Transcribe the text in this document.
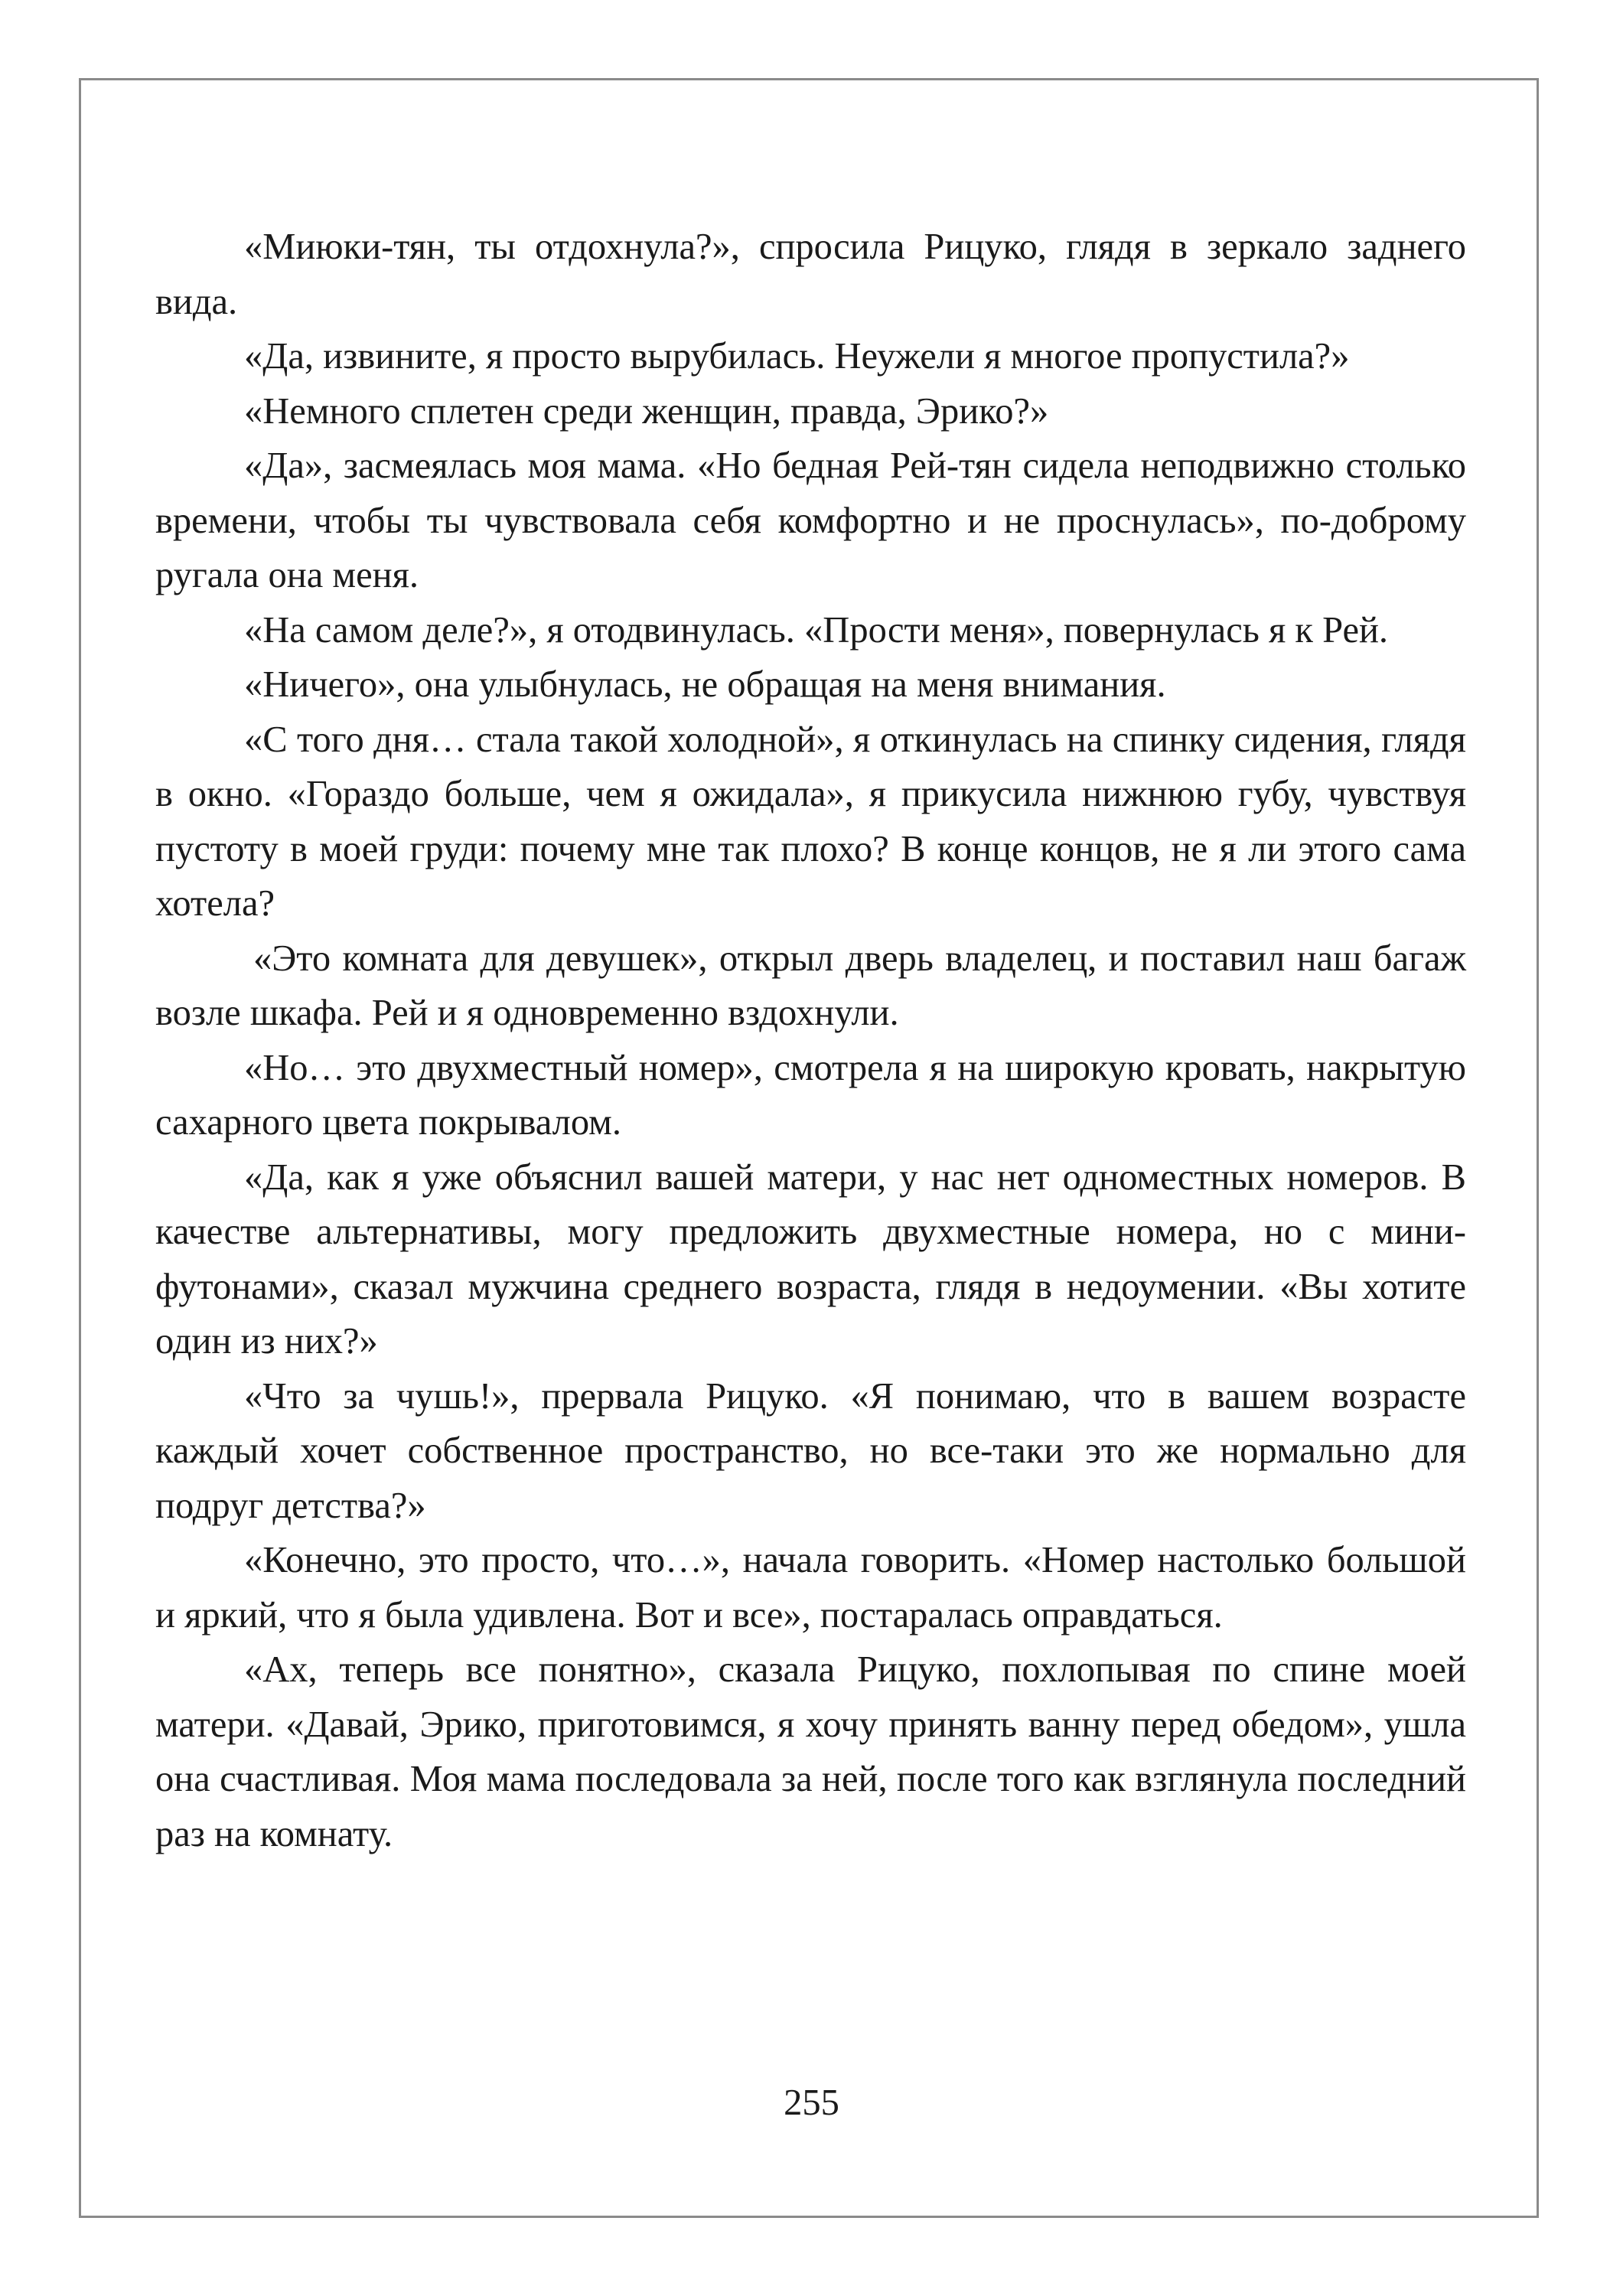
«Миюки-тян, ты отдохнула?», спросила Рицуко, глядя в зеркало заднего вида.

«Да, извините, я просто вырубилась. Неужели я многое пропустила?»

«Немного сплетен среди женщин, правда, Эрико?»

«Да», засмеялась моя мама. «Но бедная Рей-тян сидела неподвижно столько времени, чтобы ты чувствовала себя комфортно и не проснулась», по-доброму ругала она меня.

«На самом деле?», я отодвинулась. «Прости меня», повернулась я к Рей.

«Ничего», она улыбнулась, не обращая на меня внимания.

«С того дня… стала такой холодной», я откинулась на спинку сидения, глядя в окно. «Гораздо больше, чем я ожидала», я прикусила нижнюю губу, чувствуя пустоту в моей груди: почему мне так плохо? В конце концов, не я ли этого сама хотела?

«Это комната для девушек», открыл дверь владелец, и поставил наш багаж возле шкафа. Рей и я одновременно вздохнули.

«Но… это двухместный номер», смотрела я на широкую кровать, накрытую сахарного цвета покрывалом.

«Да, как я уже объяснил вашей матери, у нас нет одноместных номеров. В качестве альтернативы, могу предложить двухместные номера, но с мини-футонами», сказал мужчина среднего возраста, глядя в недоумении. «Вы хотите один из них?»

«Что за чушь!», прервала Рицуко. «Я понимаю, что в вашем возрасте каждый хочет собственное пространство, но все-таки это же нормально для подруг детства?»

«Конечно, это просто, что…», начала говорить. «Номер настолько большой и яркий, что я была удивлена. Вот и все», постаралась оправдаться.

«Ах, теперь все понятно», сказала Рицуко, похлопывая по спине моей матери. «Давай, Эрико, приготовимся, я хочу принять ванну перед обедом», ушла она счастливая. Моя мама последовала за ней, после того как взглянула последний раз на комнату.

255
